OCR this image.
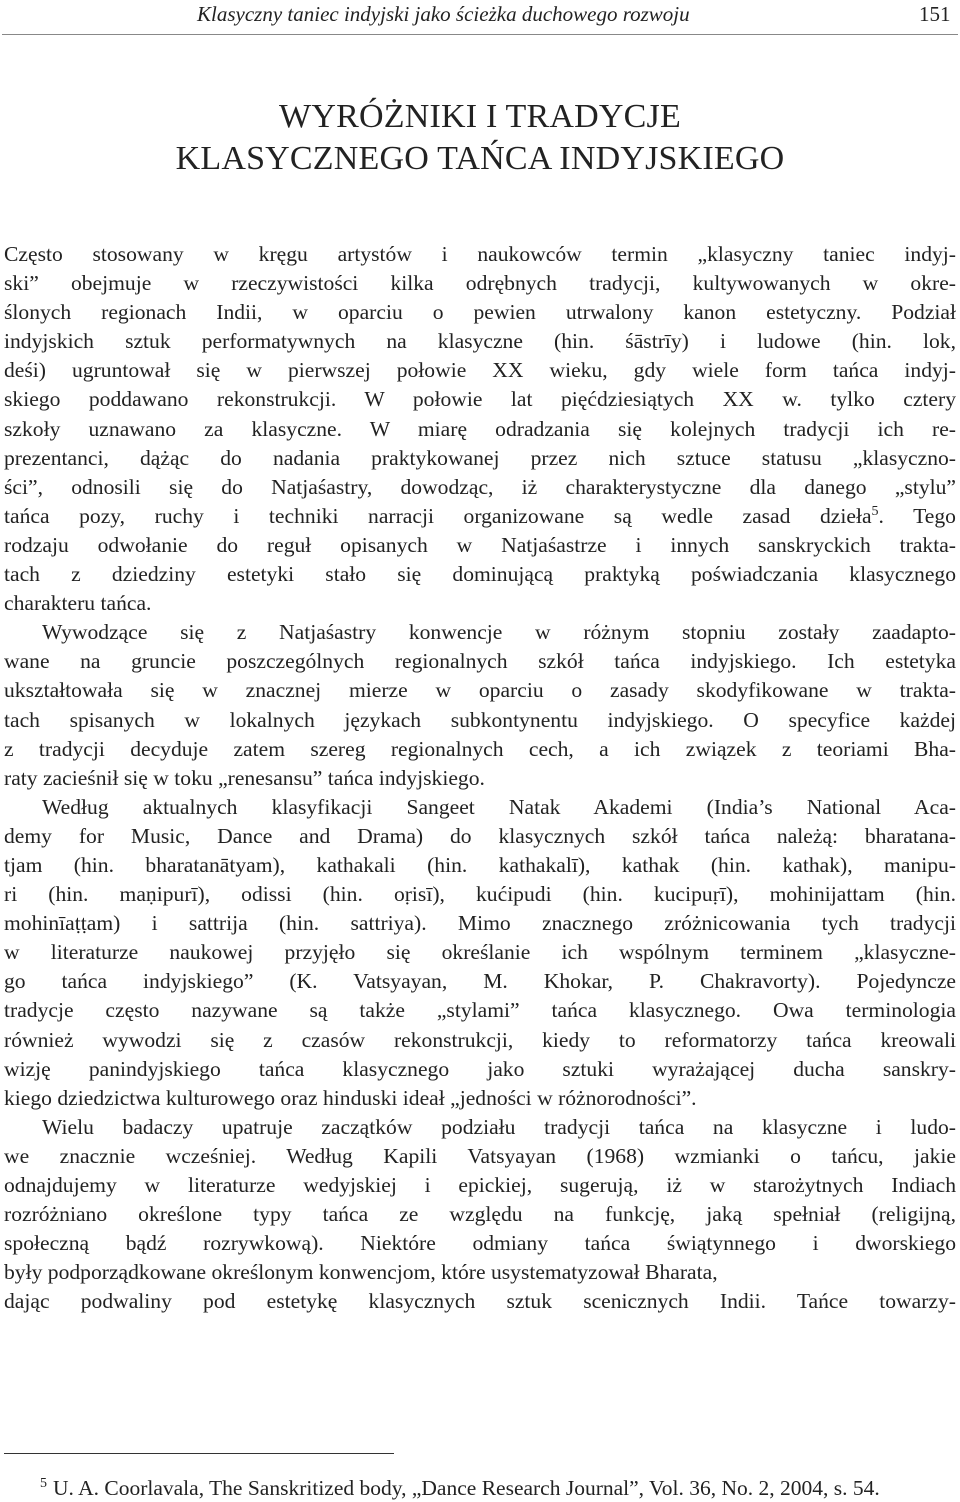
Klasyczny taniec indyjski jako ścieżka duchowego rozwoju	151
WYRÓŻNIKI I TRADYCJE
KLASYCZNEGO TAŃCA INDYJSKIEGO
Często stosowany w kręgu artystów i naukowców termin „klasyczny taniec indyj-
ski” obejmuje w rzeczywistości kilka odrębnych tradycji, kultywowanych w okre-
ślonych regionach Indii, w oparciu o pewien utrwalony kanon estetyczny. Podział
indyjskich sztuk performatywnych na klasyczne (hin. śāstrīy) i ludowe (hin. lok,
deśi) ugruntował się w pierwszej połowie XX wieku, gdy wiele form tańca indyj-
skiego poddawano rekonstrukcji. W połowie lat pięćdziesiątych XX w. tylko cztery
szkoły uznawano za klasyczne. W miarę odradzania się kolejnych tradycji ich re-
prezentanci, dążąc do nadania praktykowanej przez nich sztuce statusu „klasyczno-
ści”, odnosili się do Natjaśastry, dowodząc, iż charakterystyczne dla danego „stylu”
tańca pozy, ruchy i techniki narracji organizowane są wedle zasad dzieła$^5$. Tego
rodzaju odwołanie do reguł opisanych w Natjaśastrze i innych sanskryckich trakta-
tach z dziedziny estetyki stało się dominującą praktyką poświadczania klasycznego
charakteru tańca.
Wywodzące się z Natjaśastry konwencje w różnym stopniu zostały zaadapto-
wane na gruncie poszczególnych regionalnych szkół tańca indyjskiego. Ich estetyka
ukształtowała się w znacznej mierze w oparciu o zasady skodyfikowane w trakta-
tach spisanych w lokalnych językach subkontynentu indyjskiego. O specyfice każdej
z tradycji decyduje zatem szereg regionalnych cech, a ich związek z teoriami Bha-
raty zacieśnił się w toku „renesansu” tańca indyjskiego.
Według aktualnych klasyfikacji Sangeet Natak Akademi (India’s National Aca-
demy for Music, Dance and Drama) do klasycznych szkół tańca należą: bharatana-
tjam (hin. bharatanātyam), kathakali (hin. kathakalī), kathak (hin. kathak), manipu-
ri (hin. maṇipurī), odissi (hin. oṛisī), kućipudi (hin. kucipuṛī), mohinijattam (hin.
mohinīaṭṭam) i sattrija (hin. sattriya). Mimo znacznego zróżnicowania tych tradycji
w literaturze naukowej przyjęło się określanie ich wspólnym terminem „klasyczne-
go tańca indyjskiego” (K. Vatsyayan, M. Khokar, P. Chakravorty). Pojedyncze
tradycje często nazywane są także „stylami” tańca klasycznego. Owa terminologia
również wywodzi się z czasów rekonstrukcji, kiedy to reformatorzy tańca kreowali
wizję panindyjskiego tańca klasycznego jako sztuki wyrażającej ducha sanskry-
kiego dziedzictwa kulturowego oraz hinduski ideał „jedności w różnorodności”.
Wielu badaczy upatruje zaczątków podziału tradycji tańca na klasyczne i ludo-
we znacznie wcześniej. Według Kapili Vatsyayan (1968) wzmianki o tańcu, jakie
odnajdujemy w literaturze wedyjskiej i epickiej, sugerują, iż w starożytnych Indiach
rozróżniano określone typy tańca ze względu na funkcję, jaką spełniał (religijną,
społeczną bądź rozrywkową). Niektóre odmiany tańca świątynnego i dworskiego
były podporządkowane określonym konwencjom, które usystematyzował Bharata,
dając podwaliny pod estetykę klasycznych sztuk scenicznych Indii. Tańce towarzy-
$^5$ U. A. Coorlavala, The Sanskritized body, „Dance Research Journal”, Vol. 36, No. 2, 2004, s. 54.
